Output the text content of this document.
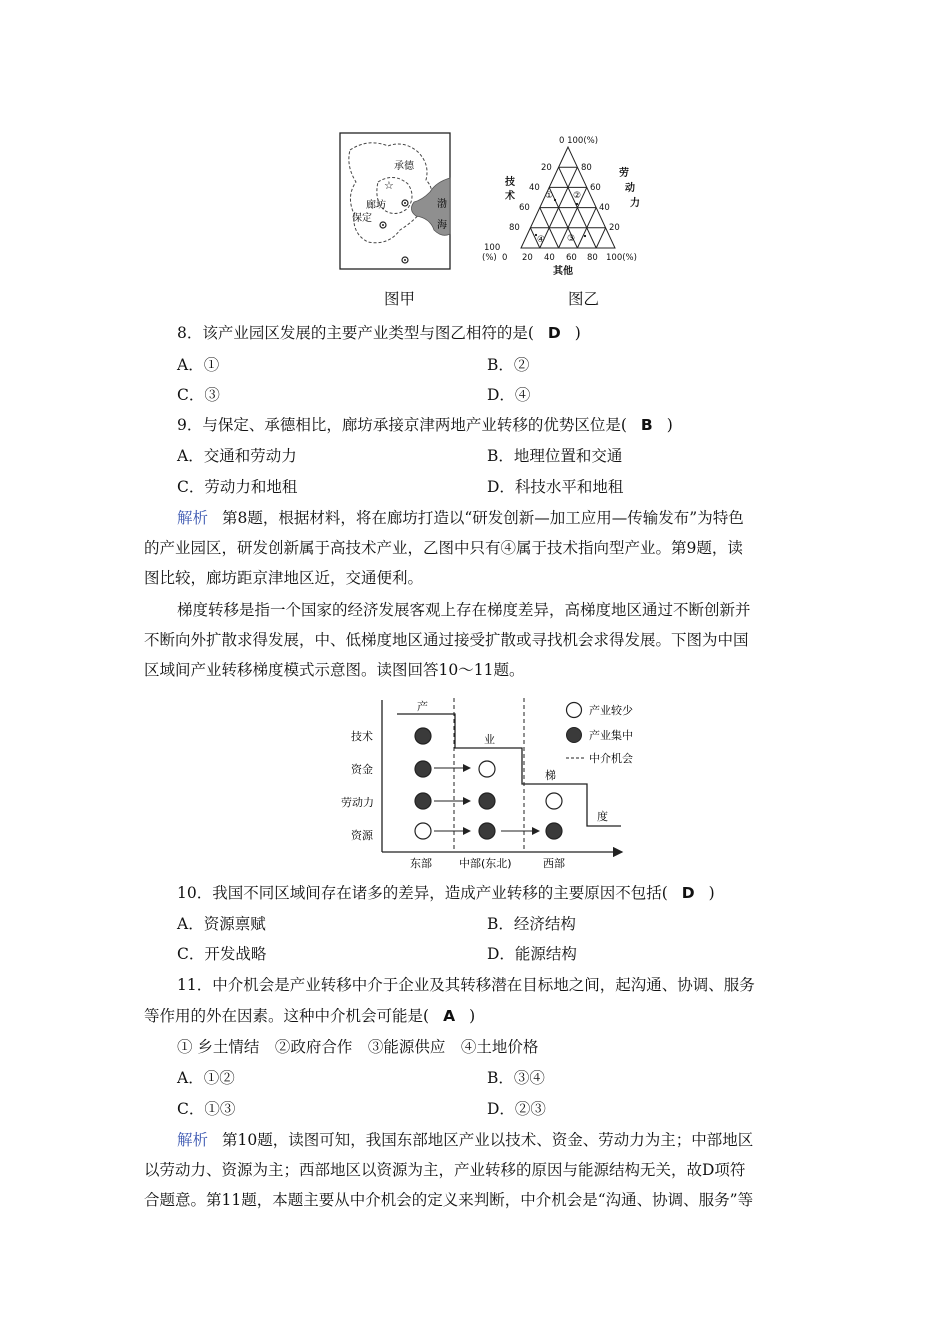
承德
☆
廊坊
保定
渤
海
图甲
0 100(%)
20
40
60
80
80
60
40
20
100
(%) 0 20 40 60 80 100(%)
技
术
劳
动
力
其他
① ②
③
④
图乙
8．该产业园区发展的主要产业类型与图乙相符的是( D )
A．①	B．②
C．③	D．④
9．与保定、承德相比，廊坊承接京津两地产业转移的优势区位是( B )
A．交通和劳动力	B．地理位置和交通
C．劳动力和地租	D．科技水平和地租
解析 第8题，根据材料，将在廊坊打造以“研发创新—加工应用—传输发布”为特色
的产业园区，研发创新属于高技术产业，乙图中只有④属于技术指向型产业。第9题，读
图比较，廊坊距京津地区近，交通便利。
梯度转移是指一个国家的经济发展客观上存在梯度差异，高梯度地区通过不断创新并
不断向外扩散求得发展，中、低梯度地区通过接受扩散或寻找机会求得发展。下图为中国
区域间产业转移梯度模式示意图。读图回答10～11题。
产
业
梯
度
技术
资金
劳动力
资源
东部 中部(东北)	西部
产业较少
产业集中
中介机会
10．我国不同区域间存在诸多的差异，造成产业转移的主要原因不包括( D )
A．资源禀赋	B．经济结构
C．开发战略	D．能源结构
11．中介机会是产业转移中介于企业及其转移潜在目标地之间，起沟通、协调、服务
等作用的外在因素。这种中介机会可能是( A )
① 乡土情结　②政府合作　③能源供应　④土地价格
A．①②	B．③④
C．①③	D．②③
解析 第10题，读图可知，我国东部地区产业以技术、资金、劳动力为主；中部地区
以劳动力、资源为主；西部地区以资源为主，产业转移的原因与能源结构无关，故D项符
合题意。第11题，本题主要从中介机会的定义来判断，中介机会是“沟通、协调、服务”等
